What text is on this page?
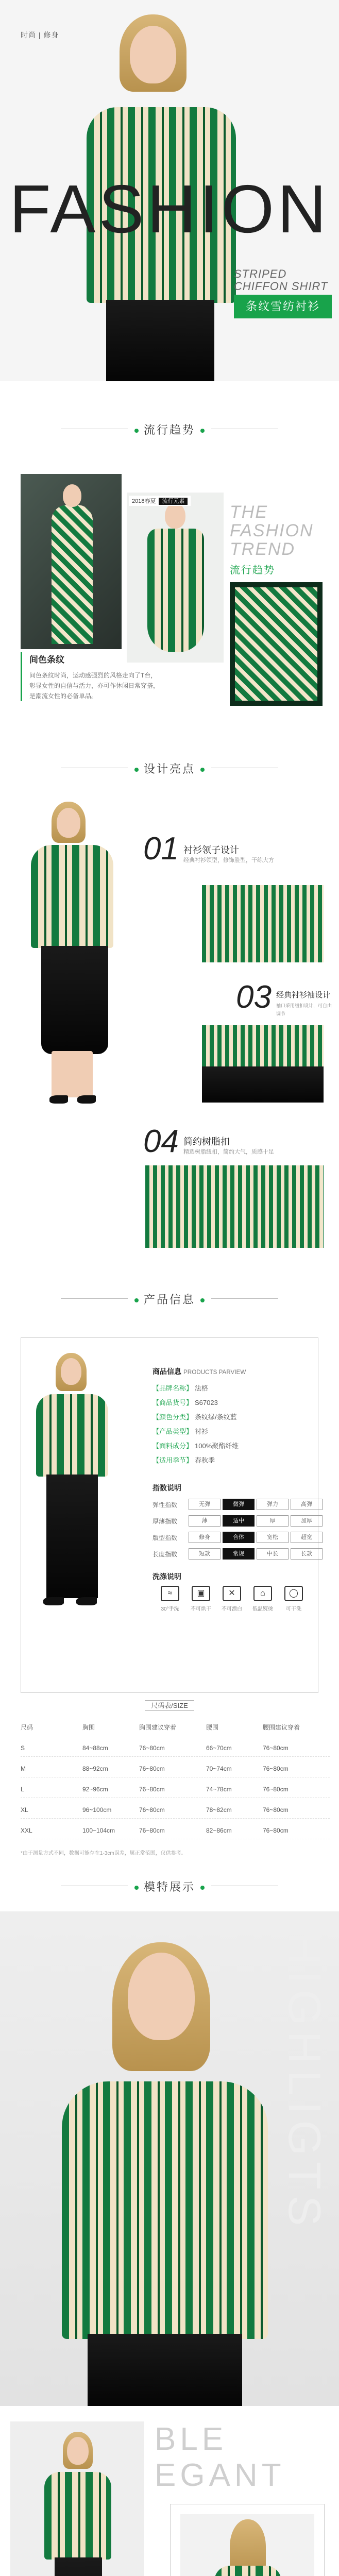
时尚 | 修身
FASHION
STRIPED
CHIFFON SHIRT
条纹雪纺衬衫
流行趋势
2018春夏 流行元素
THE
FASHION
TREND
流行趋势
间色条纹
间色条纹时尚，运动感强烈的风格走向了T台，
彰显女性的自信与活力，亦可作休闲日常穿搭，
是潮流女性的必备单品。
设计亮点
01 衬衫领子设计
经典衬衫领型，修饰脸型，干练大方
03 经典衬衫袖设计
袖口采用纽扣设计，可自由调节
04 简约树脂扣
精选树脂纽扣，简约大气，质感十足
产品信息
商品信息 PRODUCTS PARVIEW
【品牌名称】 法格
【商品货号】 S67023
【颜色分类】 条纹绿/条纹蓝
【产品类型】 衬衫
【面料成分】 100%聚酯纤维
【适用季节】 春秋季
指数说明
弹性指数	无弹	微弹	弹力	高弹
厚薄指数	薄	适中	厚	加厚
版型指数	修身	合体	宽松	超宽
长度指数	短款	常规	中长	长款
洗涤说明
≈
30°手洗
▣
不可烘干
✕
不可漂白
⌂
低温熨烫
◯
可干洗
尺码表/SIZE
尺码	胸围	胸围建议穿着	腰围	腰围建议穿着
S	84~88cm	76~80cm	66~70cm	76~80cm
M	88~92cm	76~80cm	70~74cm	76~80cm
L	92~96cm	76~80cm	74~78cm	76~80cm
XL	96~100cm	76~80cm	78~82cm	76~80cm
XXL	100~104cm	76~80cm	82~86cm	76~80cm
*由于测量方式不同，数据可能存在1-3cm误差，属正常范围，仅供参考。
模特展示
HIGHLIGTS
BLE
EGANT
